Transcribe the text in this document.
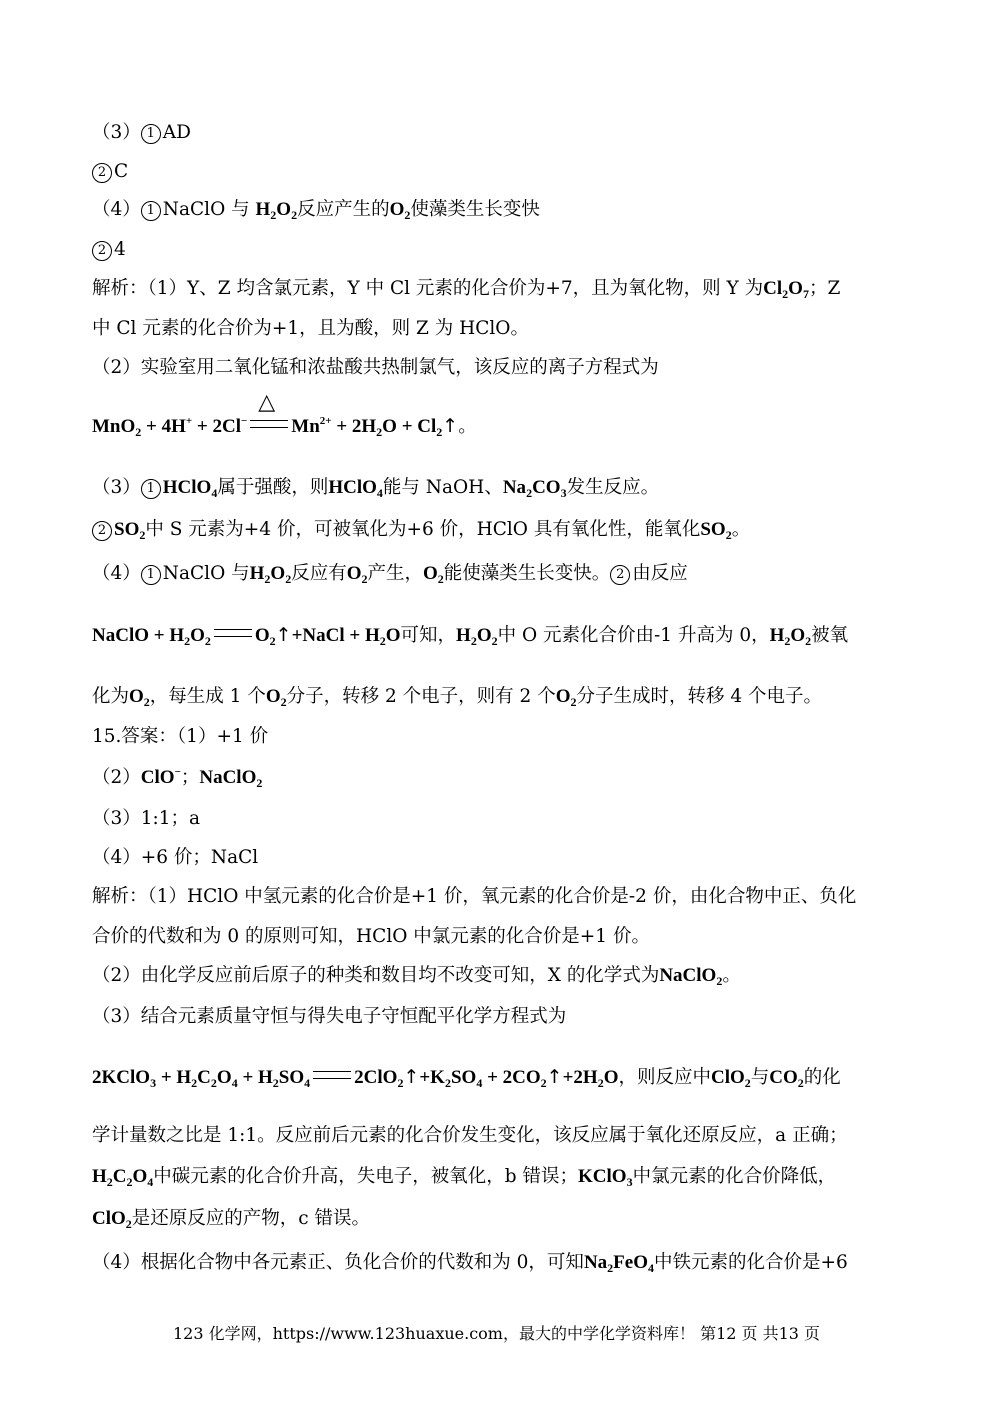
（3） 1 AD
2 C
（4） 1 NaClO 与 $H_2O_2$反应产生的$O_2$使藻类生长变快
2 4
解析：（1）Y、Z 均含氯元素，Y 中 Cl 元素的化合价为+7，且为氧化物，则 Y 为$Cl_2O_7$；Z
中 Cl 元素的化合价为+1，且为酸，则 Z 为 HClO。
（2）实验室用二氧化锰和浓盐酸共热制氯气，该反应的离子方程式为
MnO$_2$ + 4H+ + 2Cl−
△
$Mn^{2+} + 2H_2O$ + $Cl_2↑$。
（3） 1 HClO$_4$属于强酸，则HClO$_4$能与 NaOH、$Na_2CO_3$发生反应。
2 $SO_2$中 S 元素为+4 价，可被氧化为+6 价，HClO 具有氧化性，能氧化$SO_2$。
（4） 1 NaClO 与$H_2O_2$反应有$O_2$产生，$O_2$能使藻类生长变快。 2 由反应
NaClO + $H_2O_2$ $O_2↑+NaCl + H_2O$可知，$H_2O_2$中 O 元素化合价由-1 升高为 0，$H_2O_2$被氧
化为$O_2$，每生成 1 个$O_2$分子，转移 2 个电子，则有 2 个$O_2$分子生成时，转移 4 个电子。
15.答案：（1）+1 价
（2）ClO−；NaClO$_2$
（3）1:1；a
（4）+6 价；NaCl
解析：（1）HClO 中氢元素的化合价是+1 价，氧元素的化合价是-2 价，由化合物中正、负化
合价的代数和为 0 的原则可知，HClO 中氯元素的化合价是+1 价。
（2）由化学反应前后原子的种类和数目均不改变可知，X 的化学式为NaClO$_2$。
（3）结合元素质量守恒与得失电子守恒配平化学方程式为
2KClO$_3$ + $H_2C_2O_4 + H_2SO_4$ $2ClO_2↑+K_2SO_4$ + $2CO_2↑+2H_2O$，则反应中ClO$_2$与$CO_2$的化
学计量数之比是 1:1。反应前后元素的化合价发生变化，该反应属于氧化还原反应，a 正确；
$H_2C_2O_4$中碳元素的化合价升高，失电子，被氧化，b 错误；KClO$_3$中氯元素的化合价降低，
ClO$_2$是还原反应的产物，c 错误。
（4）根据化合物中各元素正、负化合价的代数和为 0，可知$Na_2FeO_4$中铁元素的化合价是+6
123 化学网，https://www.123huaxue.com，最大的中学化学资料库！ 第12 页 共13 页
